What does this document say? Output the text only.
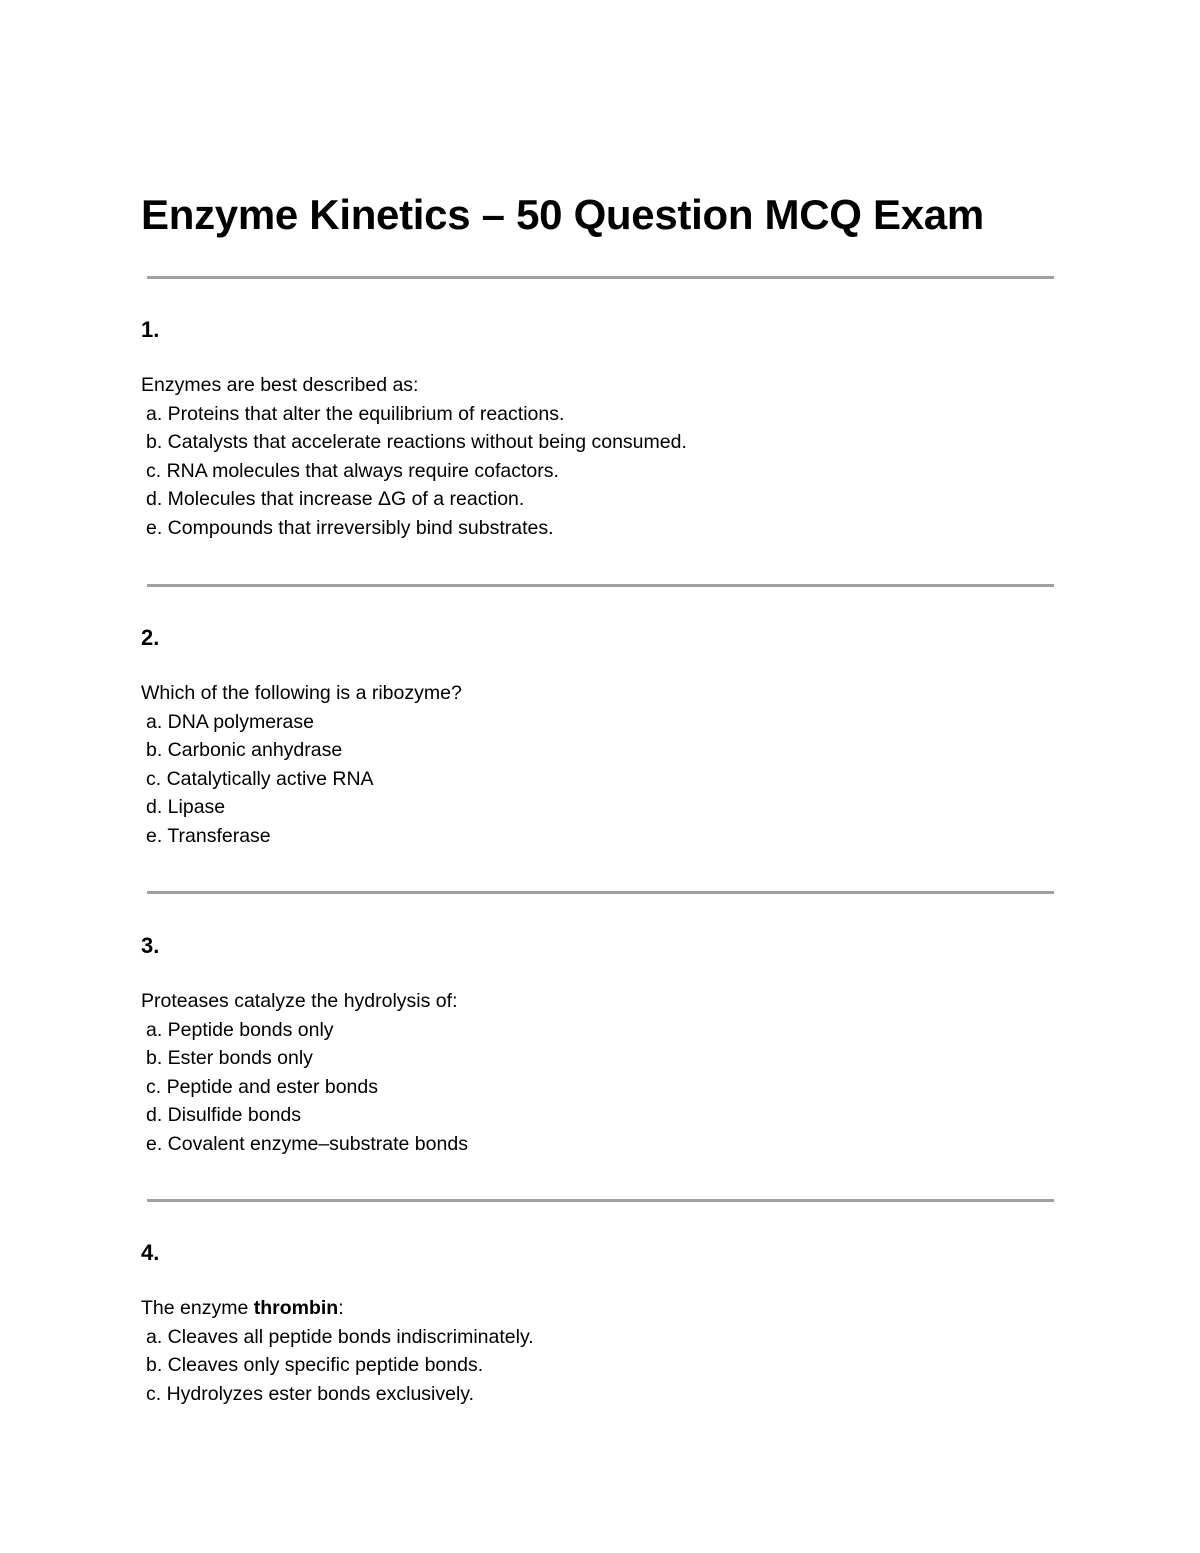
Enzyme Kinetics – 50 Question MCQ Exam
1.
Enzymes are best described as:
a. Proteins that alter the equilibrium of reactions.
b. Catalysts that accelerate reactions without being consumed.
c. RNA molecules that always require cofactors.
d. Molecules that increase ΔG of a reaction.
e. Compounds that irreversibly bind substrates.
2.
Which of the following is a ribozyme?
a. DNA polymerase
b. Carbonic anhydrase
c. Catalytically active RNA
d. Lipase
e. Transferase
3.
Proteases catalyze the hydrolysis of:
a. Peptide bonds only
b. Ester bonds only
c. Peptide and ester bonds
d. Disulfide bonds
e. Covalent enzyme–substrate bonds
4.
The enzyme thrombin:
a. Cleaves all peptide bonds indiscriminately.
b. Cleaves only specific peptide bonds.
c. Hydrolyzes ester bonds exclusively.
